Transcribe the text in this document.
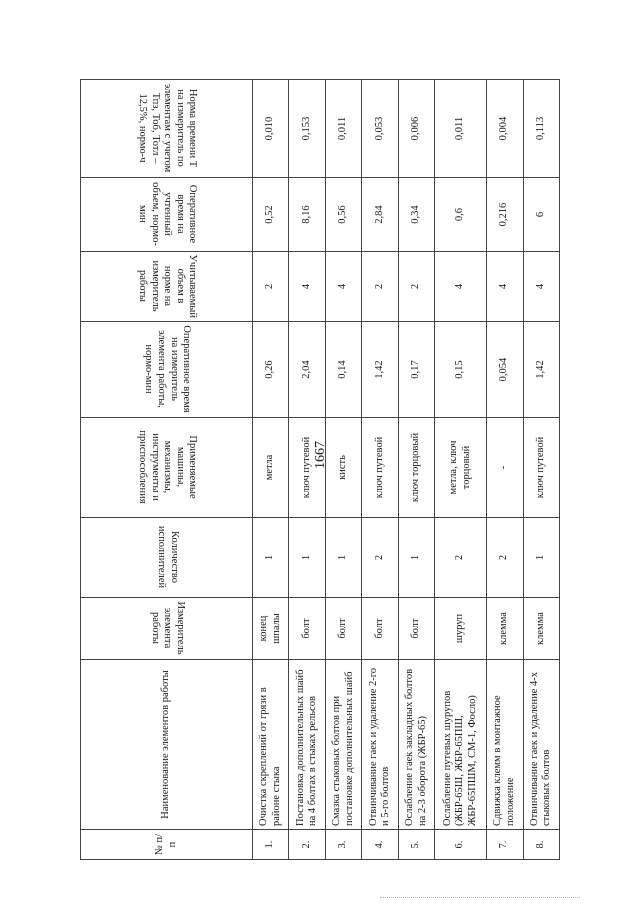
1667
№ п/п	Наименование элементов работы	Измеритель элемента работы	Количество исполнителей	Применяемые машины, механизмы, инструменты и приспособления	Оперативное время на измеритель элемента работы, нормо-мин	Учитываемый объем в норме на измеритель работы	Оперативное время на учтенный объем, нормо-мин	Норма времени Т на измеритель по элементам с учетом Тпз, Тоб, Тотл – 12,5%, нормо-ч
1.	Очистка скреплений от грязи в районе стыка	конец шпалы	1	метла	0,26	2	0,52	0,010
2.	Постановка дополнительных шайб на 4 болтах в стыках рельсов	болт	1	ключ путевой	2,04	4	8,16	0,153
3.	Смазка стыковых болтов при постановке дополнительных шайб	болт	1	кисть	0,14	4	0,56	0,011
4.	Отвинчивание гаек и удаление 2-го и 5-го болтов	болт	2	ключ путевой	1,42	2	2,84	0,053
5.	Ослабление гаек закладных болтов на 2-3 оборота (ЖБР-65)	болт	1	ключ торцовый	0,17	2	0,34	0,006
6.	Ослабление путевых шурупов (ЖБР-65Ш, ЖБР-65ПШ, ЖБР-65ПШМ, СМ-1, Фосло)	шуруп	2	метла, ключ торцовый	0,15	4	0,6	0,011
7.	Сдвижка клемм в монтажное положение	клемма	2	-	0,054	4	0,216	0,004
8.	Отвинчивание гаек и удаление 4-х стыковых болтов	клемма	1	ключ путевой	1,42	4	6	0,113
